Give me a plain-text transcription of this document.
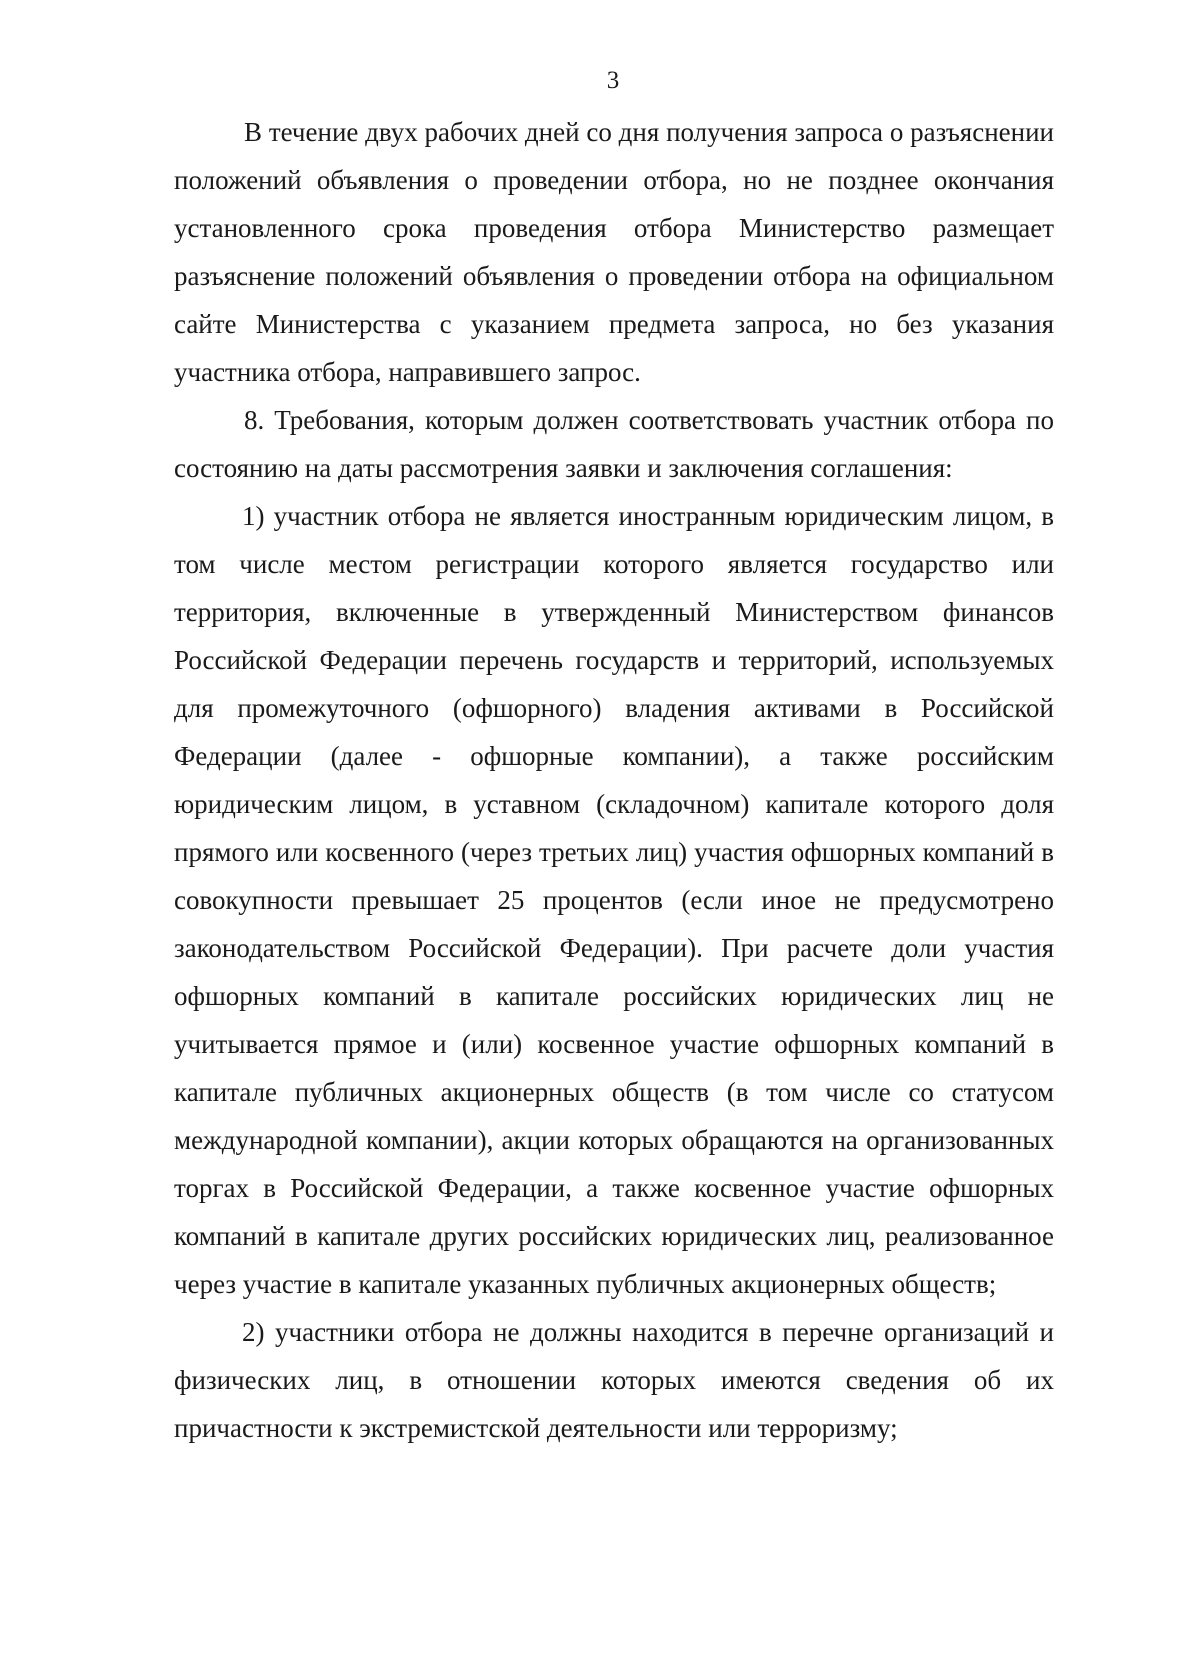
3

В течение двух рабочих дней со дня получения запроса о разъяснении положений объявления о проведении отбора, но не позднее окончания установленного срока проведения отбора Министерство размещает разъяснение положений объявления о проведении отбора на официальном сайте Министерства с указанием предмета запроса, но без указания участника отбора, направившего запрос.

8. Требования, которым должен соответствовать участник отбора по состоянию на даты рассмотрения заявки и заключения соглашения:

1) участник отбора не является иностранным юридическим лицом, в том числе местом регистрации которого является государство или территория, включенные в утвержденный Министерством финансов Российской Федерации перечень государств и территорий, используемых для промежуточного (офшорного) владения активами в Российской Федерации (далее - офшорные компании), а также российским юридическим лицом, в уставном (складочном) капитале которого доля прямого или косвенного (через третьих лиц) участия офшорных компаний в совокупности превышает 25 процентов (если иное не предусмотрено законодательством Российской Федерации). При расчете доли участия офшорных компаний в капитале российских юридических лиц не учитывается прямое и (или) косвенное участие офшорных компаний в капитале публичных акционерных обществ (в том числе со статусом международной компании), акции которых обращаются на организованных торгах в Российской Федерации, а также косвенное участие офшорных компаний в капитале других российских юридических лиц, реализованное через участие в капитале указанных публичных акционерных обществ;

2) участники отбора не должны находится в перечне организаций и физических лиц, в отношении которых имеются сведения об их причастности к экстремистской деятельности или терроризму;
